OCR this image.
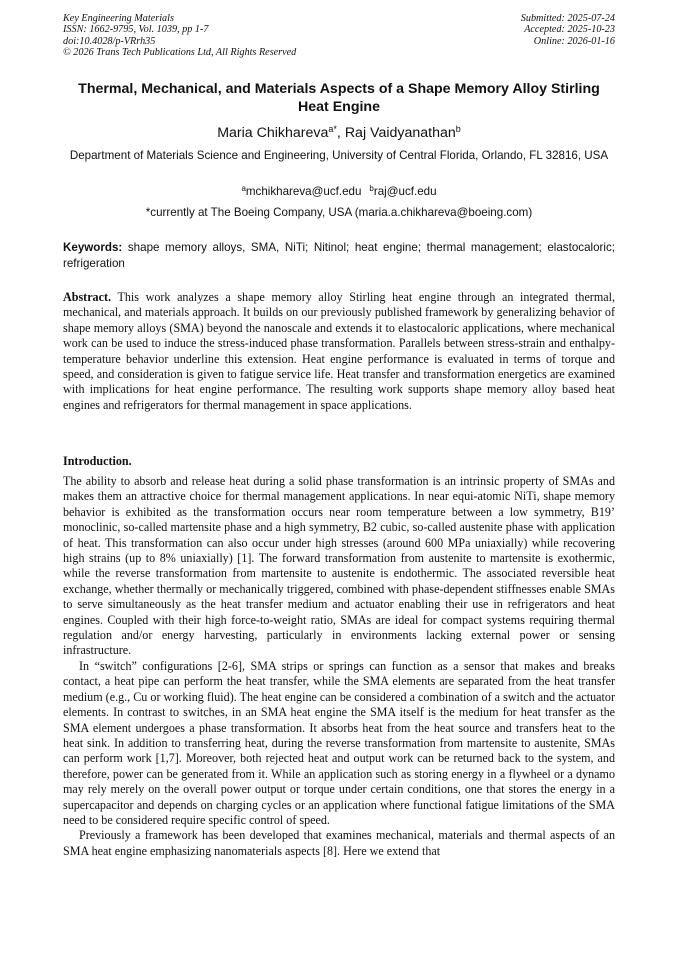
Key Engineering Materials
ISSN: 1662-9795, Vol. 1039, pp 1-7
doi:10.4028/p-VRrh35
© 2026 Trans Tech Publications Ltd, All Rights Reserved
Submitted: 2025-07-24
Accepted: 2025-10-23
Online: 2026-01-16
Thermal, Mechanical, and Materials Aspects of a Shape Memory Alloy Stirling Heat Engine
Maria Chikhareva$^{a*}$, Raj Vaidyanathan$^b$
Department of Materials Science and Engineering, University of Central Florida, Orlando, FL 32816, USA
$^a$mchikhareva@ucf.edu $^b$raj@ucf.edu
*currently at The Boeing Company, USA (maria.a.chikhareva@boeing.com)
Keywords: shape memory alloys, SMA, NiTi; Nitinol; heat engine; thermal management; elastocaloric; refrigeration

Abstract. This work analyzes a shape memory alloy Stirling heat engine through an integrated thermal, mechanical, and materials approach. It builds on our previously published framework by generalizing behavior of shape memory alloys (SMA) beyond the nanoscale and extends it to elastocaloric applications, where mechanical work can be used to induce the stress-induced phase transformation. Parallels between stress-strain and enthalpy-temperature behavior underline this extension. Heat engine performance is evaluated in terms of torque and speed, and consideration is given to fatigue service life. Heat transfer and transformation energetics are examined with implications for heat engine performance. The resulting work supports shape memory alloy based heat engines and refrigerators for thermal management in space applications.

Introduction.

The ability to absorb and release heat during a solid phase transformation is an intrinsic property of SMAs and makes them an attractive choice for thermal management applications. In near equi-atomic NiTi, shape memory behavior is exhibited as the transformation occurs near room temperature between a low symmetry, B19’ monoclinic, so-called martensite phase and a high symmetry, B2 cubic, so-called austenite phase with application of heat. This transformation can also occur under high stresses (around 600 MPa uniaxially) while recovering high strains (up to 8% uniaxially) [1]. The forward transformation from austenite to martensite is exothermic, while the reverse transformation from martensite to austenite is endothermic. The associated reversible heat exchange, whether thermally or mechanically triggered, combined with phase-dependent stiffnesses enable SMAs to serve simultaneously as the heat transfer medium and actuator enabling their use in refrigerators and heat engines. Coupled with their high force-to-weight ratio, SMAs are ideal for compact systems requiring thermal regulation and/or energy harvesting, particularly in environments lacking external power or sensing infrastructure.

In “switch” configurations [2-6], SMA strips or springs can function as a sensor that makes and breaks contact, a heat pipe can perform the heat transfer, while the SMA elements are separated from the heat transfer medium (e.g., Cu or working fluid). The heat engine can be considered a combination of a switch and the actuator elements. In contrast to switches, in an SMA heat engine the SMA itself is the medium for heat transfer as the SMA element undergoes a phase transformation. It absorbs heat from the heat source and transfers heat to the heat sink. In addition to transferring heat, during the reverse transformation from martensite to austenite, SMAs can perform work [1,7]. Moreover, both rejected heat and output work can be returned back to the system, and therefore, power can be generated from it. While an application such as storing energy in a flywheel or a dynamo may rely merely on the overall power output or torque under certain conditions, one that stores the energy in a supercapacitor and depends on charging cycles or an application where functional fatigue limitations of the SMA need to be considered require specific control of speed.

Previously a framework has been developed that examines mechanical, materials and thermal aspects of an SMA heat engine emphasizing nanomaterials aspects [8]. Here we extend that
